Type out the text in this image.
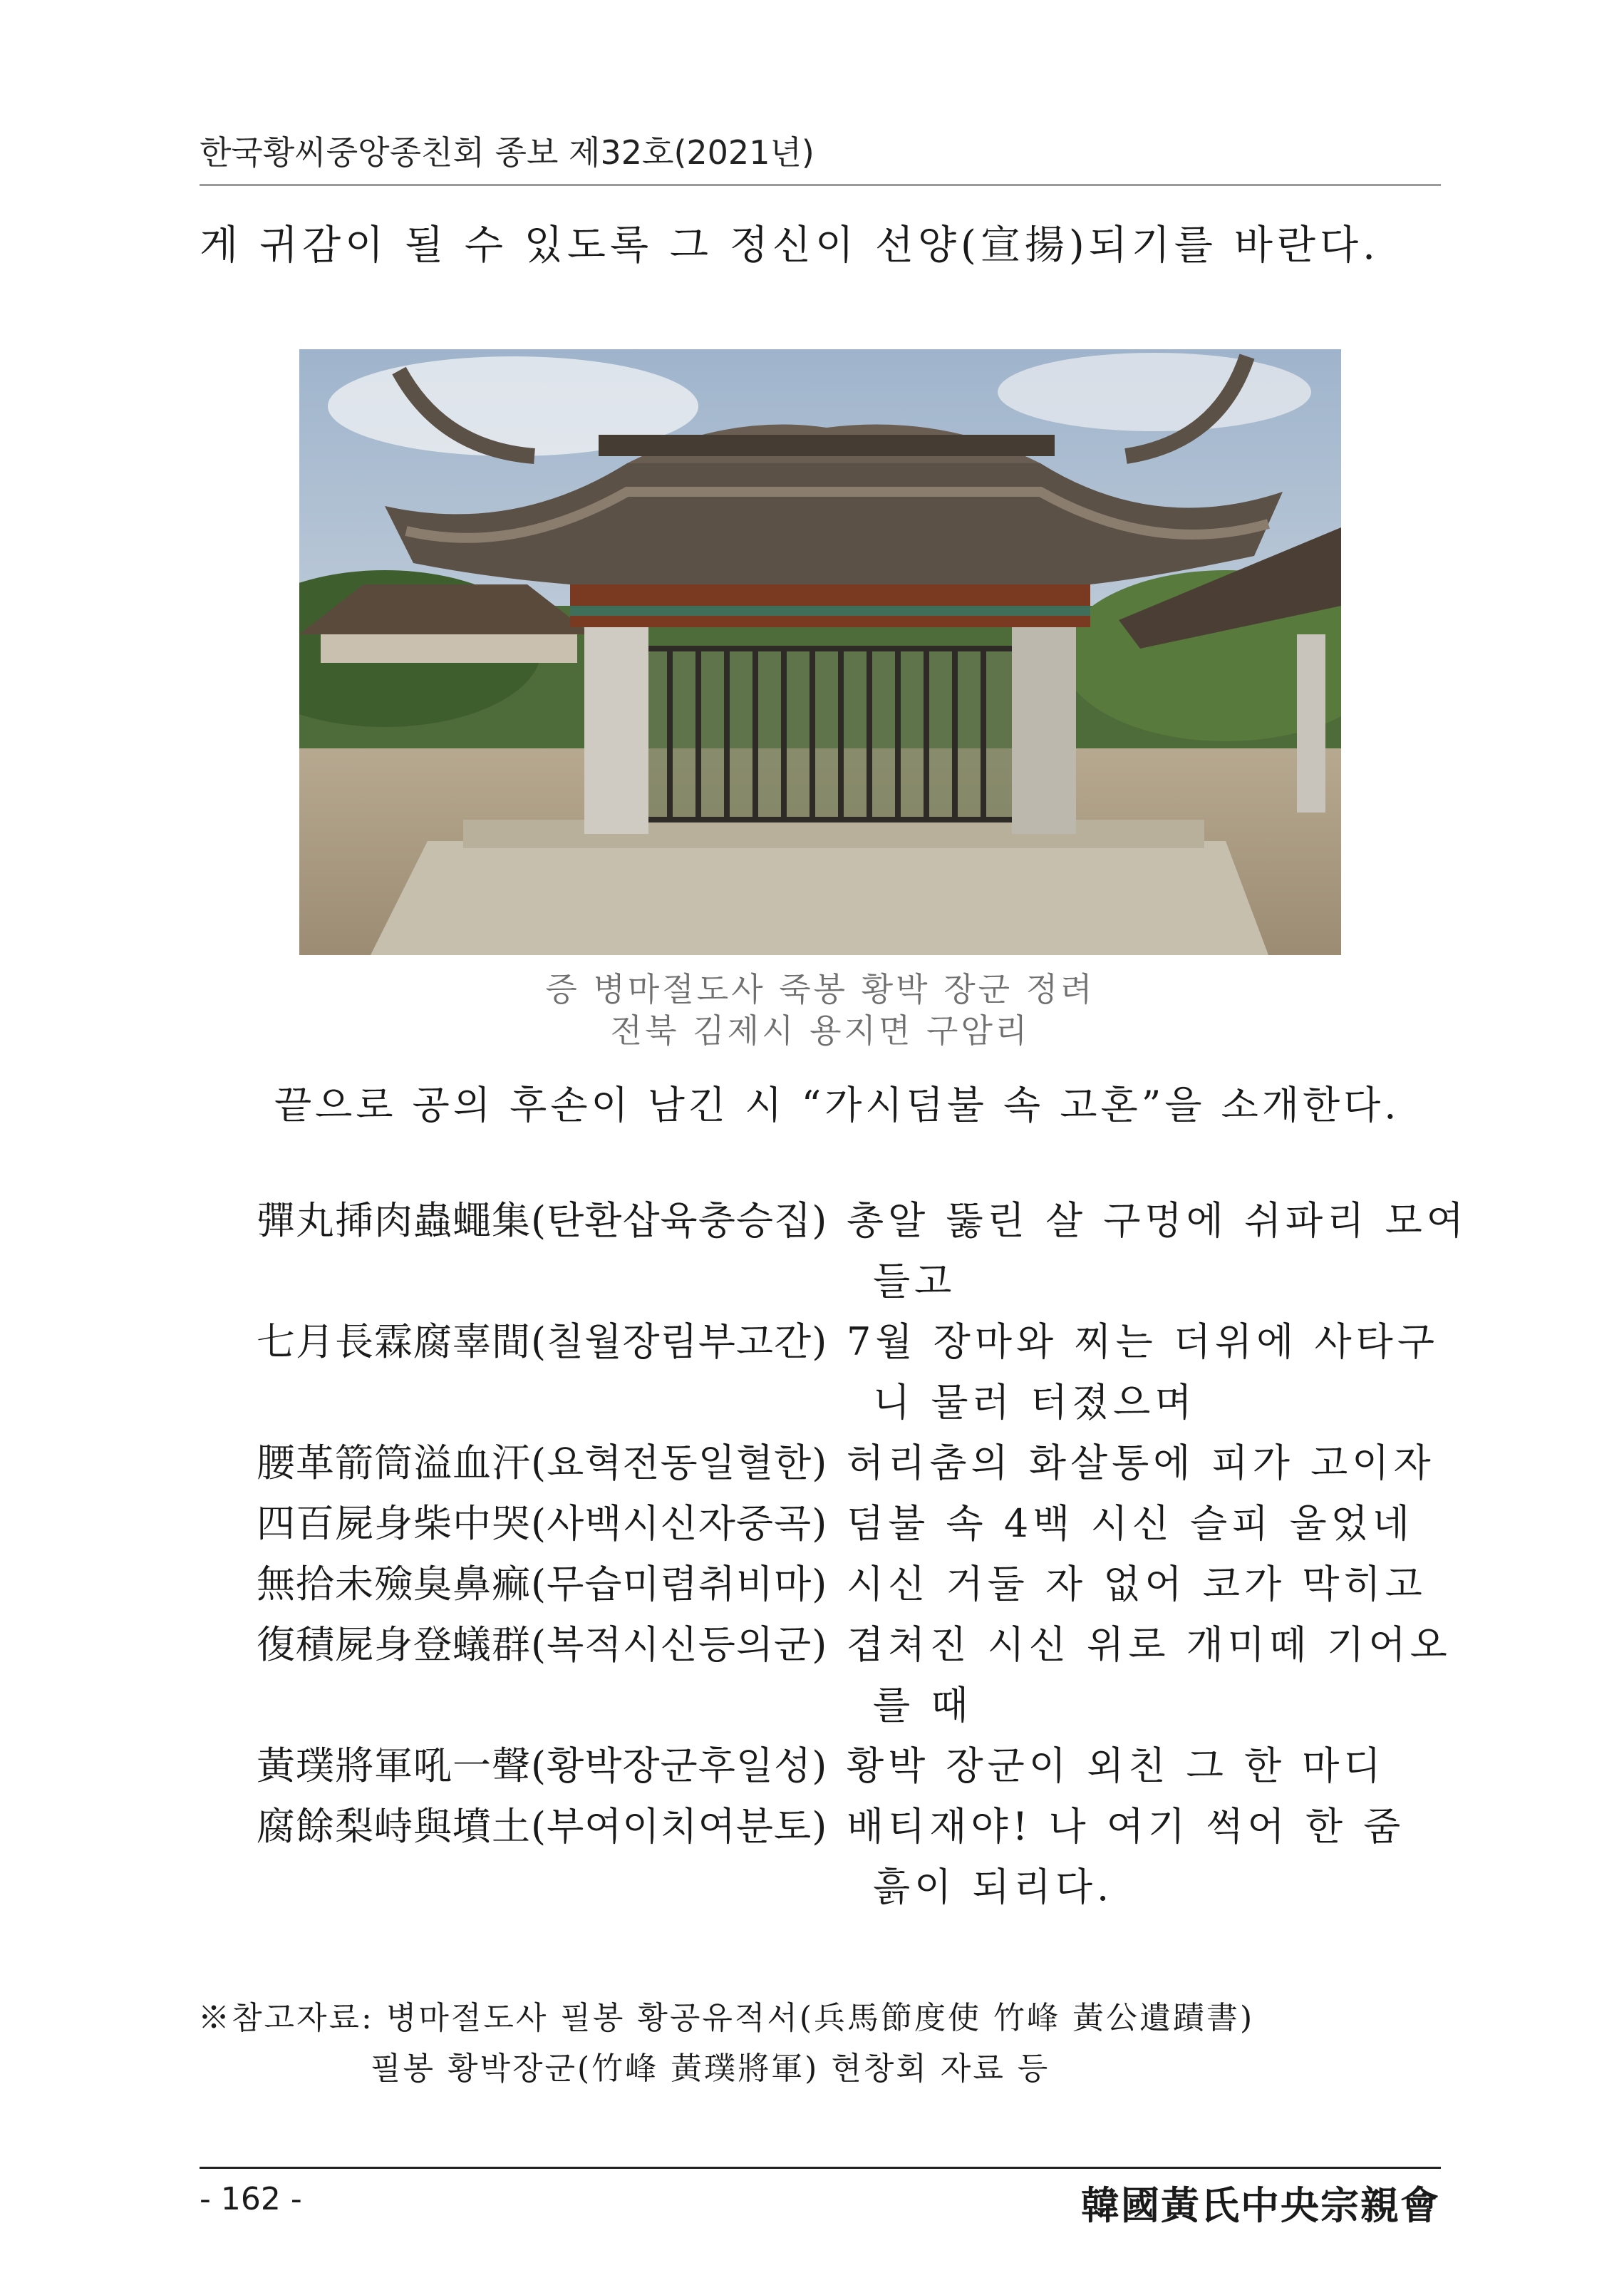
한국황씨중앙종친회 종보 제32호(2021년)
게 귀감이 될 수 있도록 그 정신이 선양(宣揚)되기를 바란다.
증 병마절도사 죽봉 황박 장군 정려
전북 김제시 용지면 구암리
끝으로 공의 후손이 남긴 시 “가시덤불 속 고혼”을 소개한다.
彈丸揷肉蟲蠅集(탄환삽육충승집) 총알 뚫린 살 구멍에 쉬파리 모여
들고
七月長霖腐辜間(칠월장림부고간) 7월 장마와 찌는 더위에 사타구
니 물러 터졌으며
腰革箭筒溢血汗(요혁전동일혈한) 허리춤의 화살통에 피가 고이자
四百屍身柴中哭(사백시신자중곡) 덤불 속 4백 시신 슬피 울었네
無拾未殮臭鼻痲(무습미렴취비마) 시신 거둘 자 없어 코가 막히고
復積屍身登蟻群(복적시신등의군) 겹쳐진 시신 위로 개미떼 기어오
를 때
黃璞將軍吼一聲(황박장군후일성) 황박 장군이 외친 그 한 마디
腐餘梨峙與墳土(부여이치여분토) 배티재야! 나 여기 썩어 한 줌
흙이 되리다.
※참고자료: 병마절도사 필봉 황공유적서(兵馬節度使 竹峰 黃公遺蹟書)
필봉 황박장군(竹峰 黃璞將軍) 현창회 자료 등
- 162 -	韓國黃氏中央宗親會
